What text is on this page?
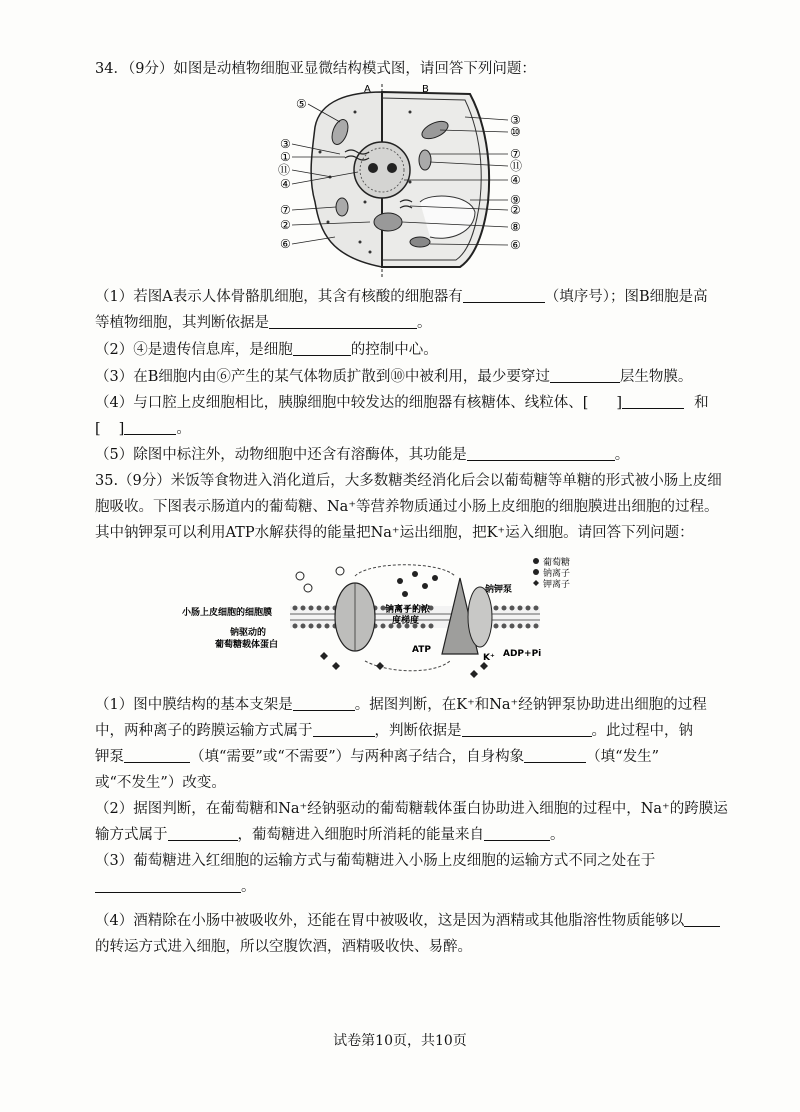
34．（9分）如图是动植物细胞亚显微结构模式图，请回答下列问题：
A	B
⑤
③
①
⑪
④
⑦
②
⑥
③
⑩
⑦
⑪
④
⑨
②
⑧
⑥
（1）若图A表示人体骨骼肌细胞，其含有核酸的细胞器有	（填序号）；图B细胞是高
等植物细胞，其判断依据是	。
（2）④是遗传信息库，是细胞	的控制中心。
（3）在B细胞内由⑥产生的某气体物质扩散到⑩中被利用，最少要穿过	层生物膜。
（4）与口腔上皮细胞相比，胰腺细胞中较发达的细胞器有核糖体、线粒体、[ ]	和
[ ]	。
（5）除图中标注外，动物细胞中还含有溶酶体，其功能是	。
35.（9分）米饭等食物进入消化道后，大多数糖类经消化后会以葡萄糖等单糖的形式被小肠上皮细
胞吸收。下图表示肠道内的葡萄糖、Na⁺等营养物质通过小肠上皮细胞的细胞膜进出细胞的过程。
其中钠钾泵可以利用ATP水解获得的能量把Na⁺运出细胞，把K⁺运入细胞。请回答下列问题：
葡萄糖
钠离子
钾离子
小肠上皮细胞的细胞膜
钠驱动的
葡萄糖载体蛋白
钠离子的浓
度梯度
钠钾泵
ATP	ADP+Pi
K⁺
（1）图中膜结构的基本支架是	。据图判断，在K⁺和Na⁺经钠钾泵协助进出细胞的过程
中，两种离子的跨膜运输方式属于	，判断依据是	。此过程中，钠
钾泵	（填“需要”或“不需要”）与两种离子结合，自身构象	（填“发生”
或“不发生”）改变。
（2）据图判断，在葡萄糖和Na⁺经钠驱动的葡萄糖载体蛋白协助进入细胞的过程中，Na⁺的跨膜运
输方式属于	，葡萄糖进入细胞时所消耗的能量来自	。
（3）葡萄糖进入红细胞的运输方式与葡萄糖进入小肠上皮细胞的运输方式不同之处在于
。
（4）酒精除在小肠中被吸收外，还能在胃中被吸收，这是因为酒精或其他脂溶性物质能够以
的转运方式进入细胞，所以空腹饮酒，酒精吸收快、易醉。
试卷第10页，共10页
